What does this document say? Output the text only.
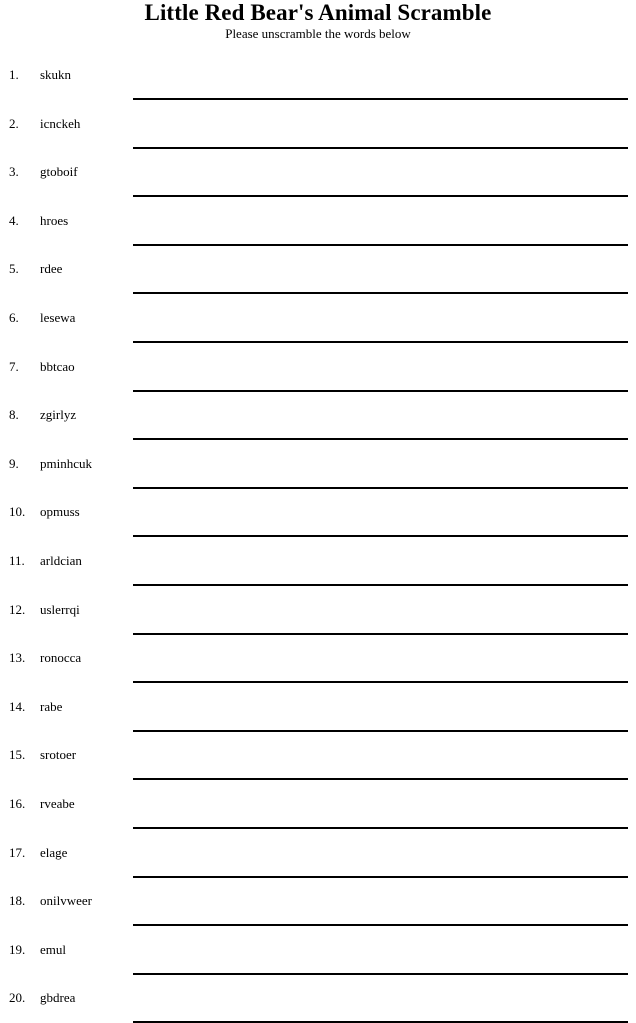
Little Red Bear's Animal Scramble
Please unscramble the words below
1. skukn
2. icnckeh
3. gtoboif
4. hroes
5. rdee
6. lesewa
7. bbtcao
8. zgirlyz
9. pminhcuk
10. opmuss
11. arldcian
12. uslerrqi
13. ronocca
14. rabe
15. srotoer
16. rveabe
17. elage
18. onilvweer
19. emul
20. gbdrea
